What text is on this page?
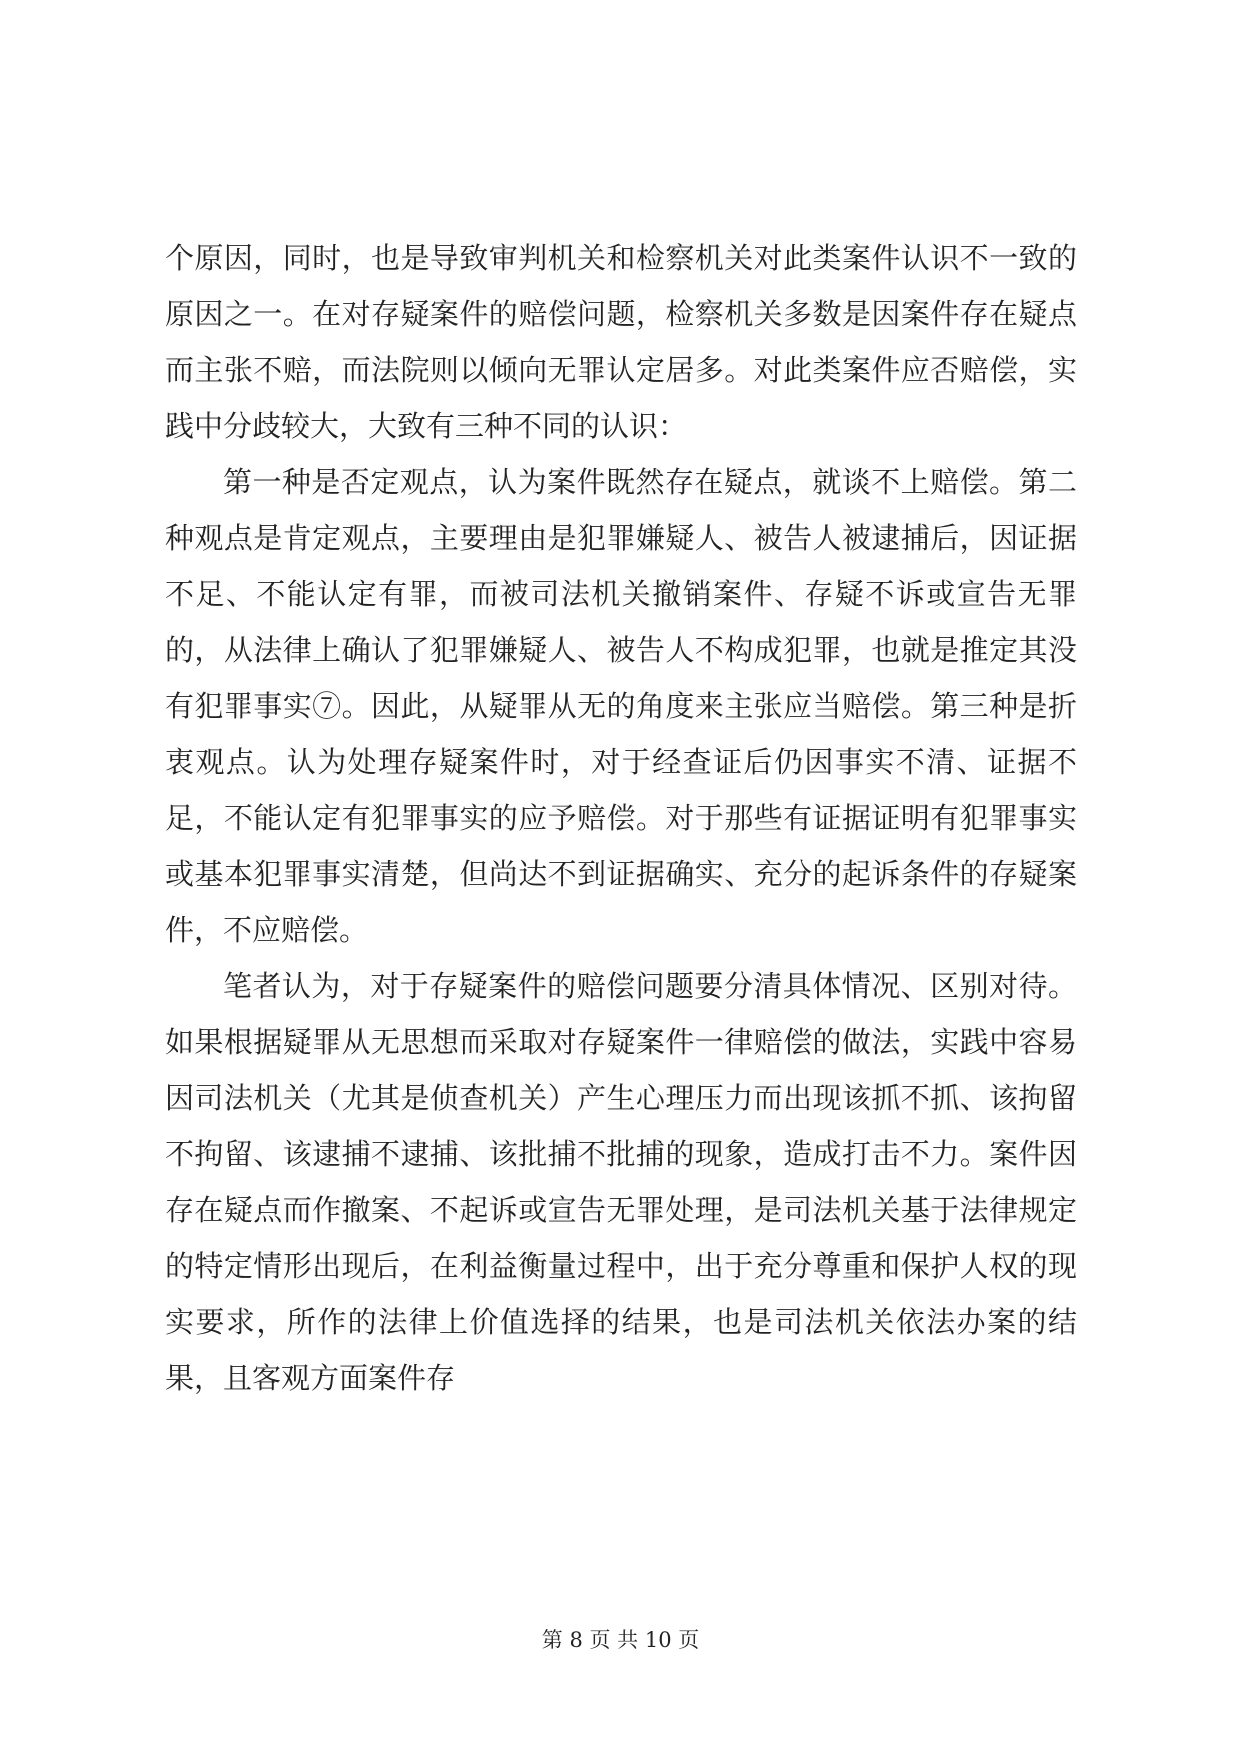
个原因，同时，也是导致审判机关和检察机关对此类案件认识不一致的原因之一。在对存疑案件的赔偿问题，检察机关多数是因案件存在疑点而主张不赔，而法院则以倾向无罪认定居多。对此类案件应否赔偿，实践中分歧较大，大致有三种不同的认识：

第一种是否定观点，认为案件既然存在疑点，就谈不上赔偿。第二种观点是肯定观点，主要理由是犯罪嫌疑人、被告人被逮捕后，因证据不足、不能认定有罪，而被司法机关撤销案件、存疑不诉或宣告无罪的，从法律上确认了犯罪嫌疑人、被告人不构成犯罪，也就是推定其没有犯罪事实⑦。因此，从疑罪从无的角度来主张应当赔偿。第三种是折衷观点。认为处理存疑案件时，对于经查证后仍因事实不清、证据不足，不能认定有犯罪事实的应予赔偿。对于那些有证据证明有犯罪事实或基本犯罪事实清楚，但尚达不到证据确实、充分的起诉条件的存疑案件，不应赔偿。

笔者认为，对于存疑案件的赔偿问题要分清具体情况、区别对待。如果根据疑罪从无思想而采取对存疑案件一律赔偿的做法，实践中容易因司法机关（尤其是侦查机关）产生心理压力而出现该抓不抓、该拘留不拘留、该逮捕不逮捕、该批捕不批捕的现象，造成打击不力。案件因存在疑点而作撤案、不起诉或宣告无罪处理，是司法机关基于法律规定的特定情形出现后，在利益衡量过程中，出于充分尊重和保护人权的现实要求，所作的法律上价值选择的结果，也是司法机关依法办案的结果，且客观方面案件存

第 8 页 共 10 页
